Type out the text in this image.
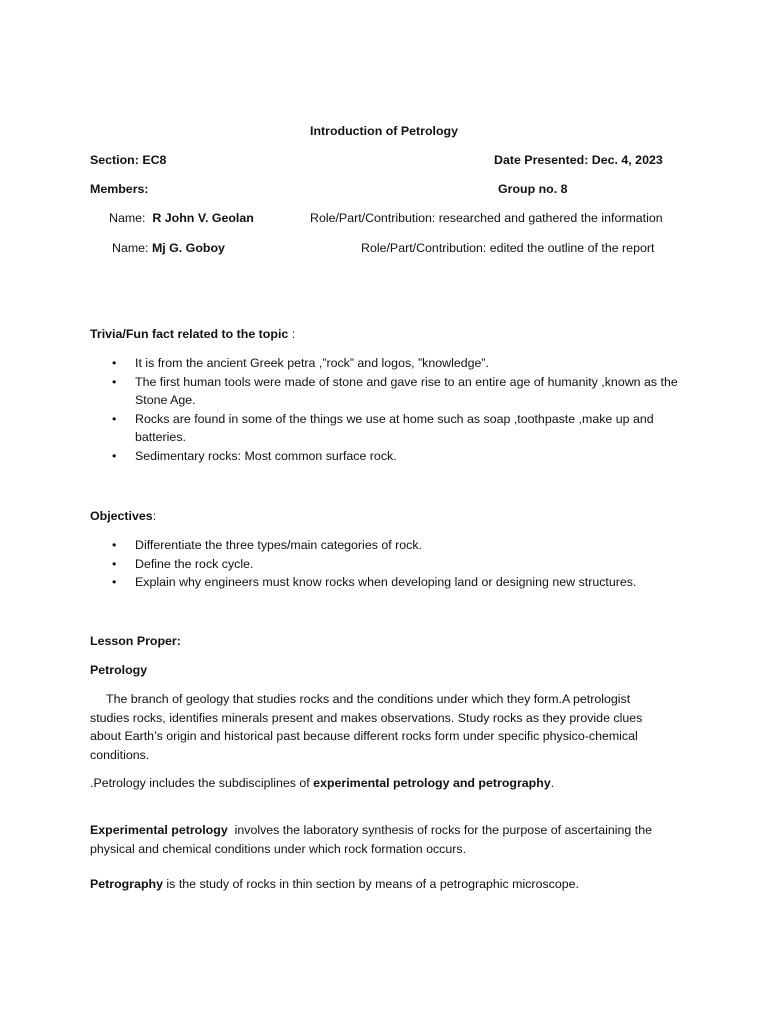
Introduction of Petrology
Section: EC8	Date Presented: Dec. 4, 2023
Members:	Group no. 8
Name: R John V. Geolan	Role/Part/Contribution: researched and gathered the information
Name: Mj G. Goboy	Role/Part/Contribution: edited the outline of the report
Trivia/Fun fact related to the topic :
• It is from the ancient Greek petra ,”rock” and logos, ”knowledge”.
• The first human tools were made of stone and gave rise to an entire age of humanity ,known as the Stone Age.
• Rocks are found in some of the things we use at home such as soap ,toothpaste ,make up and batteries.
• Sedimentary rocks: Most common surface rock.
Objectives:
• Differentiate the three types/main categories of rock.
• Define the rock cycle.
• Explain why engineers must know rocks when developing land or designing new structures.
Lesson Proper:
Petrology
The branch of geology that studies rocks and the conditions under which they form.A petrologist studies rocks, identifies minerals present and makes observations. Study rocks as they provide clues about Earth’s origin and historical past because different rocks form under specific physico-chemical conditions.
.Petrology includes the subdisciplines of experimental petrology and petrography.
Experimental petrology  involves the laboratory synthesis of rocks for the purpose of ascertaining the physical and chemical conditions under which rock formation occurs.
Petrography is the study of rocks in thin section by means of a petrographic microscope.
